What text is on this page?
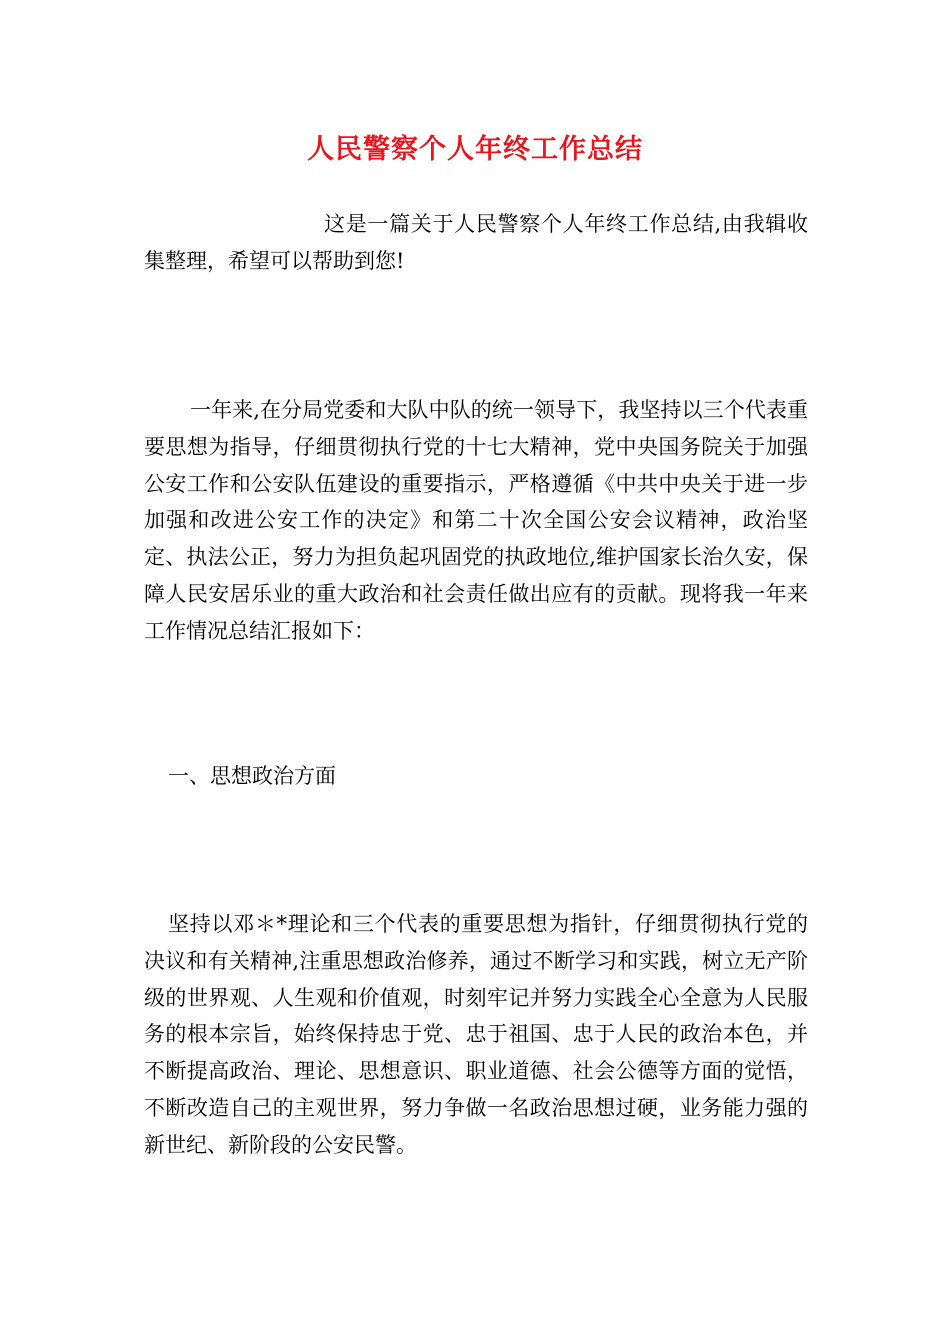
人民警察个人年终工作总结
这是一篇关于人民警察个人年终工作总结,由我辑收集整理，希望可以帮助到您!
一年来,在分局党委和大队中队的统一领导下，我坚持以三个代表重要思想为指导，仔细贯彻执行党的十七大精神，党中央国务院关于加强公安工作和公安队伍建设的重要指示，严格遵循《中共中央关于进一步加强和改进公安工作的决定》和第二十次全国公安会议精神，政治坚定、执法公正，努力为担负起巩固党的执政地位,维护国家长治久安，保障人民安居乐业的重大政治和社会责任做出应有的贡献。现将我一年来工作情况总结汇报如下：
一、思想政治方面
坚持以邓＊*理论和三个代表的重要思想为指针，仔细贯彻执行党的决议和有关精神,注重思想政治修养，通过不断学习和实践，树立无产阶级的世界观、人生观和价值观，时刻牢记并努力实践全心全意为人民服务的根本宗旨，始终保持忠于党、忠于祖国、忠于人民的政治本色，并不断提高政治、理论、思想意识、职业道德、社会公德等方面的觉悟，不断改造自己的主观世界，努力争做一名政治思想过硬，业务能力强的新世纪、新阶段的公安民警。
